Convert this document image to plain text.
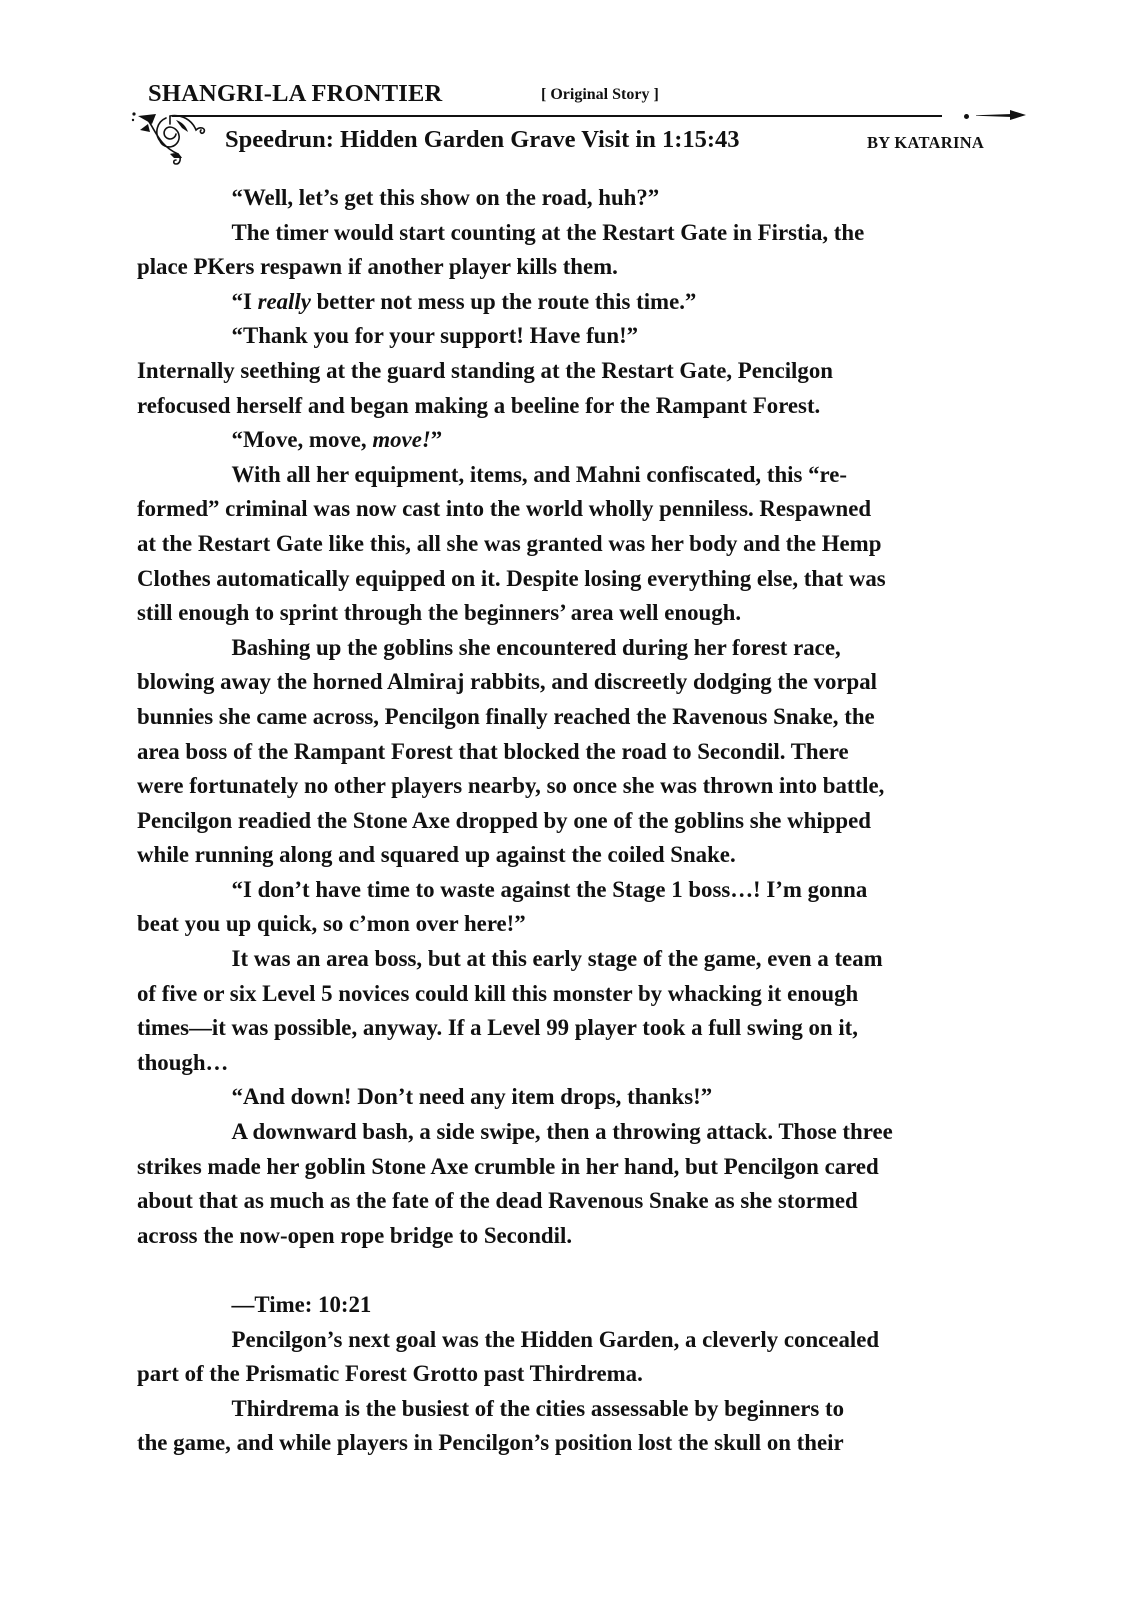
SHANGRI-LA FRONTIER	[ Original Story ]
Speedrun: Hidden Garden Grave Visit in 1:15:43	BY KATARINA
“Well, let’s get this show on the road, huh?”
The timer would start counting at the Restart Gate in Firstia, the
place PKers respawn if another player kills them.
“I really better not mess up the route this time.”
“Thank you for your support! Have fun!”
Internally seething at the guard standing at the Restart Gate, Pencilgon
refocused herself and began making a beeline for the Rampant Forest.
“Move, move, move!”
With all her equipment, items, and Mahni confiscated, this “re-
formed” criminal was now cast into the world wholly penniless. Respawned
at the Restart Gate like this, all she was granted was her body and the Hemp
Clothes automatically equipped on it. Despite losing everything else, that was
still enough to sprint through the beginners’ area well enough.
Bashing up the goblins she encountered during her forest race,
blowing away the horned Almiraj rabbits, and discreetly dodging the vorpal
bunnies she came across, Pencilgon finally reached the Ravenous Snake, the
area boss of the Rampant Forest that blocked the road to Secondil. There
were fortunately no other players nearby, so once she was thrown into battle,
Pencilgon readied the Stone Axe dropped by one of the goblins she whipped
while running along and squared up against the coiled Snake.
“I don’t have time to waste against the Stage 1 boss…! I’m gonna
beat you up quick, so c’mon over here!”
It was an area boss, but at this early stage of the game, even a team
of five or six Level 5 novices could kill this monster by whacking it enough
times—it was possible, anyway. If a Level 99 player took a full swing on it,
though…
“And down! Don’t need any item drops, thanks!”
A downward bash, a side swipe, then a throwing attack. Those three
strikes made her goblin Stone Axe crumble in her hand, but Pencilgon cared
about that as much as the fate of the dead Ravenous Snake as she stormed
across the now-open rope bridge to Secondil.
—Time: 10:21
Pencilgon’s next goal was the Hidden Garden, a cleverly concealed
part of the Prismatic Forest Grotto past Thirdrema.
Thirdrema is the busiest of the cities assessable by beginners to
the game, and while players in Pencilgon’s position lost the skull on their
